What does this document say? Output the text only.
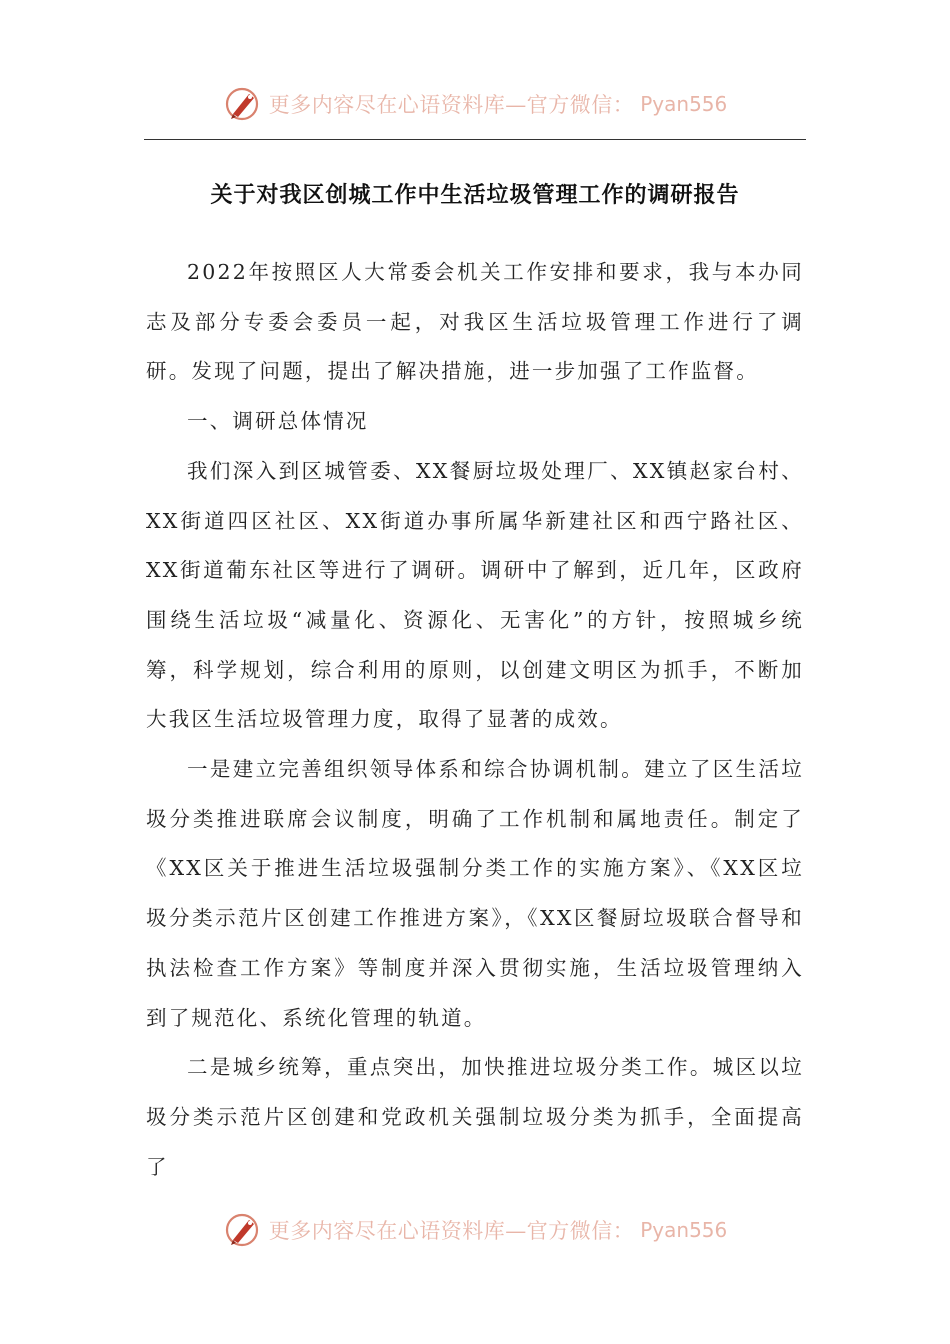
更多内容尽在心语资料库—官方微信： Pyan556
关于对我区创城工作中生活垃圾管理工作的调研报告

2022年按照区人大常委会机关工作安排和要求，我与本办同志及部分专委会委员一起，对我区生活垃圾管理工作进行了调研。发现了问题，提出了解决措施，进一步加强了工作监督。

一、调研总体情况

我们深入到区城管委、XX餐厨垃圾处理厂、XX镇赵家台村、XX街道四区社区、XX街道办事所属华新建社区和西宁路社区、XX街道葡东社区等进行了调研。调研中了解到，近几年，区政府围绕生活垃圾“减量化、资源化、无害化”的方针，按照城乡统筹，科学规划，综合利用的原则，以创建文明区为抓手，不断加大我区生活垃圾管理力度，取得了显著的成效。

一是建立完善组织领导体系和综合协调机制。建立了区生活垃圾分类推进联席会议制度，明确了工作机制和属地责任。制定了《XX区关于推进生活垃圾强制分类工作的实施方案》、《XX区垃圾分类示范片区创建工作推进方案》，《XX区餐厨垃圾联合督导和执法检查工作方案》等制度并深入贯彻实施，生活垃圾管理纳入到了规范化、系统化管理的轨道。

二是城乡统筹，重点突出，加快推进垃圾分类工作。城区以垃圾分类示范片区创建和党政机关强制垃圾分类为抓手，全面提高了

更多内容尽在心语资料库—官方微信： Pyan556
